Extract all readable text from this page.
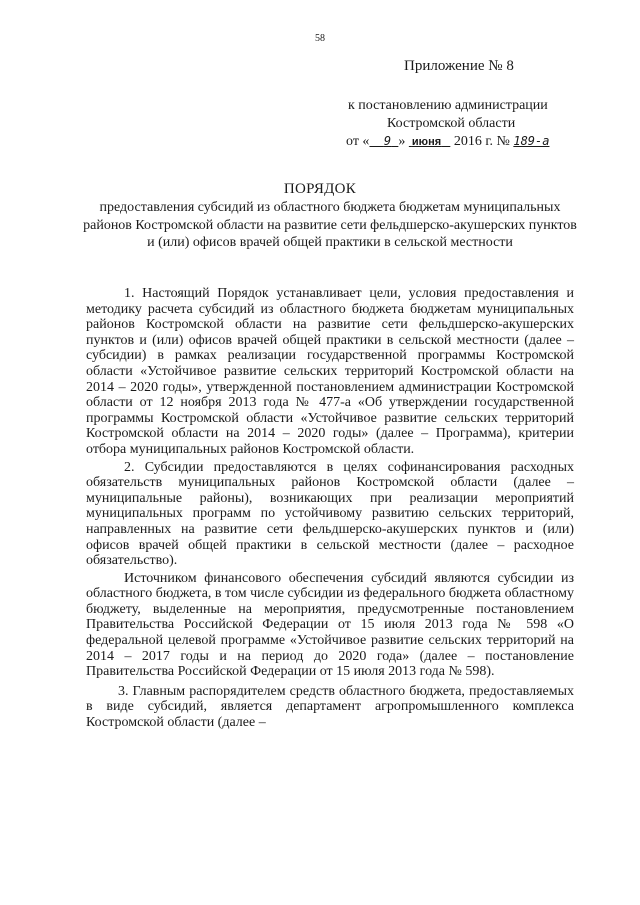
58
Приложение № 8
к постановлению администрации
Костромской области
от « 9 » июня 2016 г. № 189-а
ПОРЯДОК
предоставления субсидий из областного бюджета бюджетам муниципальных районов Костромской области на развитие сети фельдшерско-акушерских пунктов и (или) офисов врачей общей практики в сельской местности

1. Настоящий Порядок устанавливает цели, условия предоставления и методику расчета субсидий из областного бюджета бюджетам муниципальных районов Костромской области на развитие сети фельдшерско-акушерских пунктов и (или) офисов врачей общей практики в сельской местности (далее – субсидии) в рамках реализации государственной программы Костромской области «Устойчивое развитие сельских территорий Костромской области на 2014 – 2020 годы», утвержденной постановлением администрации Костромской области от 12 ноября 2013 года № 477-а «Об утверждении государственной программы Костромской области «Устойчивое развитие сельских территорий Костромской области на 2014 – 2020 годы» (далее – Программа), критерии отбора муниципальных районов Костромской области.

2. Субсидии предоставляются в целях софинансирования расходных обязательств муниципальных районов Костромской области (далее – муниципальные районы), возникающих при реализации мероприятий муниципальных программ по устойчивому развитию сельских территорий, направленных на развитие сети фельдшерско-акушерских пунктов и (или) офисов врачей общей практики в сельской местности (далее – расходное обязательство).

Источником финансового обеспечения субсидий являются субсидии из областного бюджета, в том числе субсидии из федерального бюджета областному бюджету, выделенные на мероприятия, предусмотренные постановлением Правительства Российской Федерации от 15 июля 2013 года № 598 «О федеральной целевой программе «Устойчивое развитие сельских территорий на 2014 – 2017 годы и на период до 2020 года» (далее – постановление Правительства Российской Федерации от 15 июля 2013 года № 598).

3. Главным распорядителем средств областного бюджета, предоставляемых в виде субсидий, является департамент агропромышленного комплекса Костромской области (далее –
